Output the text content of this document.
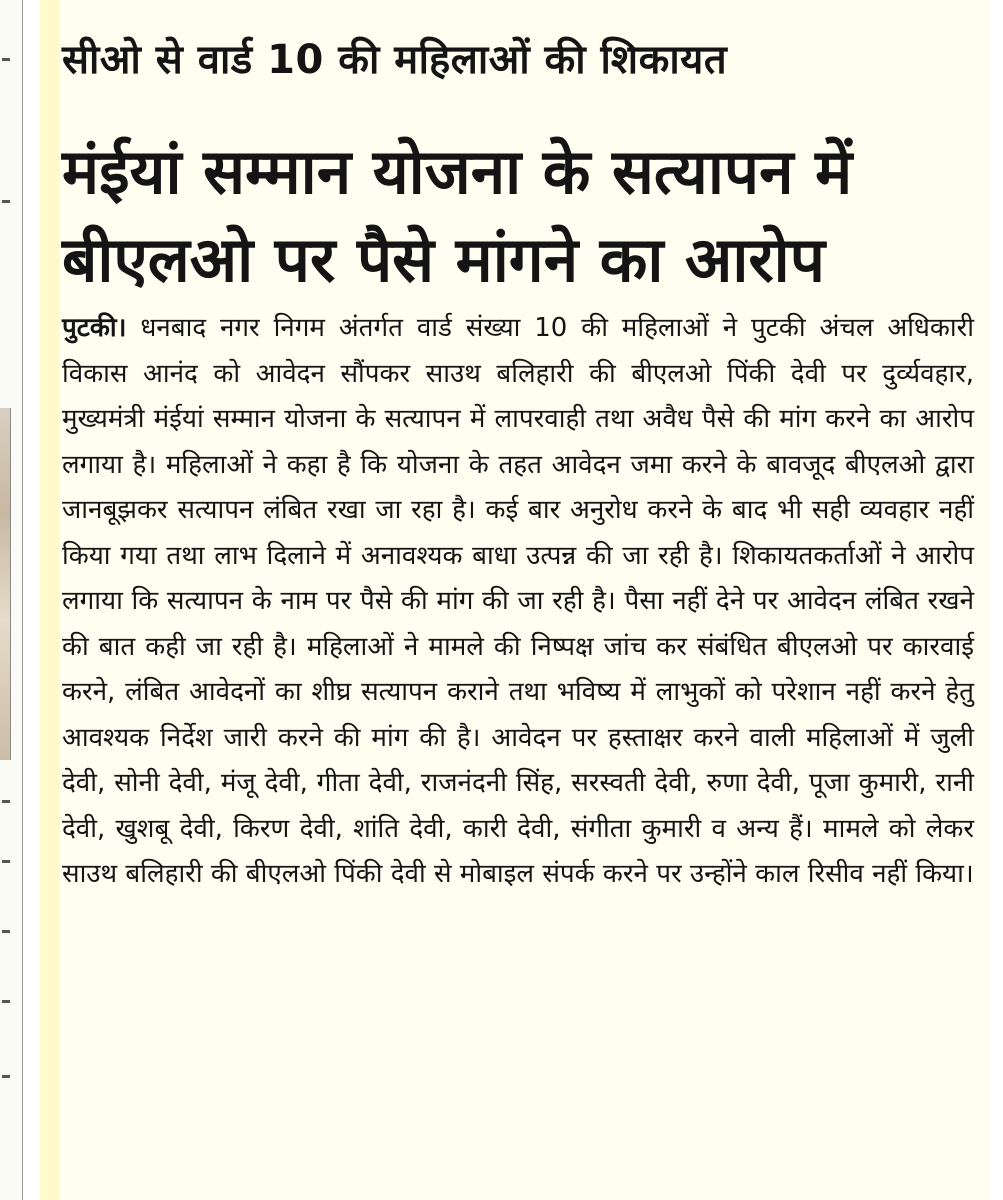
सीओ से वार्ड 10 की महिलाओं की शिकायत
मंईयां सम्मान योजना के सत्यापन में
बीएलओ पर पैसे मांगने का आरोप
पुटकी। धनबाद नगर निगम अंतर्गत वार्ड संख्या 10 की महिलाओं ने पुटकी अंचल अधिकारी विकास आनंद को आवेदन सौंपकर साउथ बलिहारी की बीएलओ पिंकी देवी पर दुर्व्यवहार, मुख्यमंत्री मंईयां सम्मान योजना के सत्यापन में लापरवाही तथा अवैध पैसे की मांग करने का आरोप लगाया है। महिलाओं ने कहा है कि योजना के तहत आवेदन जमा करने के बावजूद बीएलओ द्वारा जानबूझकर सत्यापन लंबित रखा जा रहा है। कई बार अनुरोध करने के बाद भी सही व्यवहार नहीं किया गया तथा लाभ दिलाने में अनावश्यक बाधा उत्पन्न की जा रही है। शिकायतकर्ताओं ने आरोप लगाया कि सत्यापन के नाम पर पैसे की मांग की जा रही है। पैसा नहीं देने पर आवेदन लंबित रखने की बात कही जा रही है। महिलाओं ने मामले की निष्पक्ष जांच कर संबंधित बीएलओ पर कारवाई करने, लंबित आवेदनों का शीघ्र सत्यापन कराने तथा भविष्य में लाभुकों को परेशान नहीं करने हेतु आवश्यक निर्देश जारी करने की मांग की है। आवेदन पर हस्ताक्षर करने वाली महिलाओं में जुली देवी, सोनी देवी, मंजू देवी, गीता देवी, राजनंदनी सिंह, सरस्वती देवी, रुणा देवी, पूजा कुमारी, रानी देवी, खुशबू देवी, किरण देवी, शांति देवी, कारी देवी, संगीता कुमारी व अन्य हैं। मामले को लेकर साउथ बलिहारी की बीएलओ पिंकी देवी से मोबाइल संपर्क करने पर उन्होंने काल रिसीव नहीं किया।
